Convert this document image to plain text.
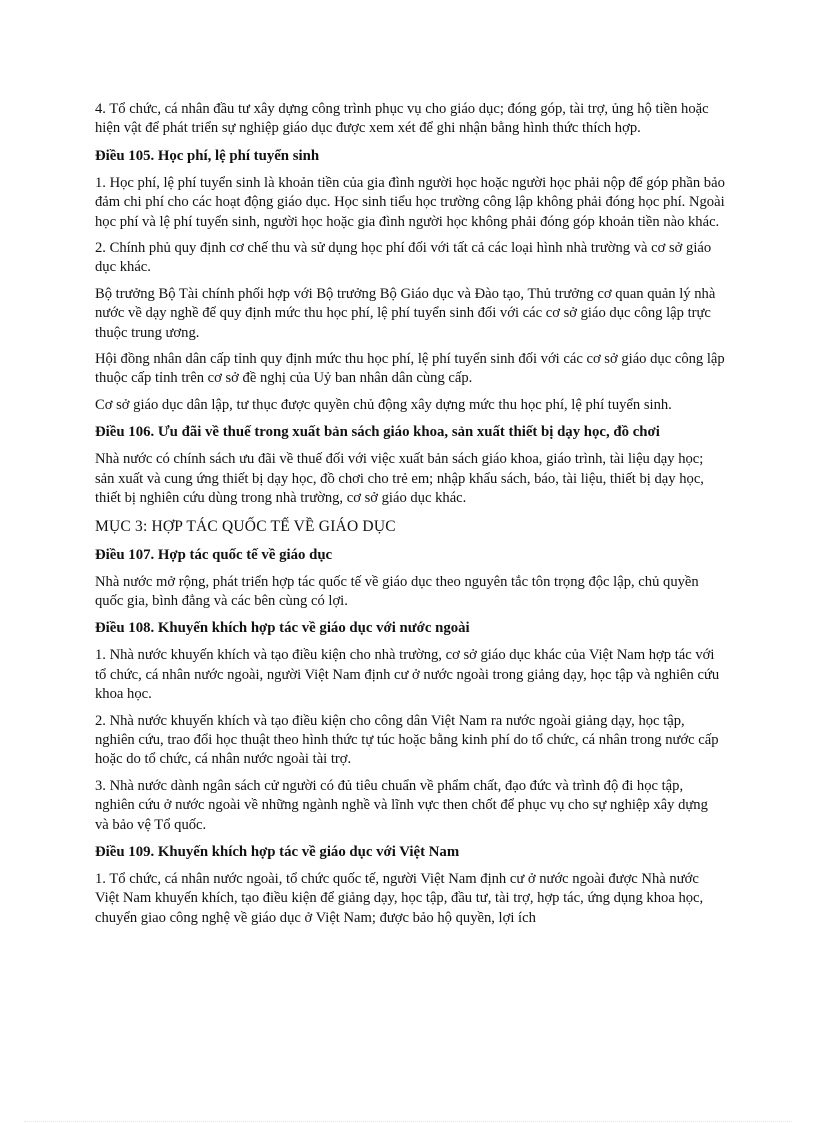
4. Tổ chức, cá nhân đầu tư xây dựng công trình phục vụ cho giáo dục; đóng góp, tài trợ, ủng hộ tiền hoặc hiện vật để phát triển sự nghiệp giáo dục được xem xét để ghi nhận bằng hình thức thích hợp.

Điều 105. Học phí, lệ phí tuyển sinh

1. Học phí, lệ phí tuyển sinh là khoản tiền của gia đình người học hoặc người học phải nộp để góp phần bảo đảm chi phí cho các hoạt động giáo dục. Học sinh tiểu học trường công lập không phải đóng học phí. Ngoài học phí và lệ phí tuyển sinh, người học hoặc gia đình người học không phải đóng góp khoản tiền nào khác.

2. Chính phủ quy định cơ chế thu và sử dụng học phí đối với tất cả các loại hình nhà trường và cơ sở giáo dục khác.

Bộ trưởng Bộ Tài chính phối hợp với Bộ trưởng Bộ Giáo dục và Đào tạo, Thủ trưởng cơ quan quản lý nhà nước về dạy nghề để quy định mức thu học phí, lệ phí tuyển sinh đối với các cơ sở giáo dục công lập trực thuộc trung ương.

Hội đồng nhân dân cấp tỉnh quy định mức thu học phí, lệ phí tuyển sinh đối với các cơ sở giáo dục công lập thuộc cấp tỉnh trên cơ sở đề nghị của Uỷ ban nhân dân cùng cấp.

Cơ sở giáo dục dân lập, tư thục được quyền chủ động xây dựng mức thu học phí, lệ phí tuyển sinh.

Điều 106. Ưu đãi về thuế trong xuất bản sách giáo khoa, sản xuất thiết bị dạy học, đồ chơi

Nhà nước có chính sách ưu đãi về thuế đối với việc xuất bản sách giáo khoa, giáo trình, tài liệu dạy học; sản xuất và cung ứng thiết bị dạy học, đồ chơi cho trẻ em; nhập khẩu sách, báo, tài liệu, thiết bị dạy học, thiết bị nghiên cứu dùng trong nhà trường, cơ sở giáo dục khác.

MỤC 3: HỢP TÁC QUỐC TẾ VỀ GIÁO DỤC
Điều 107. Hợp tác quốc tế về giáo dục

Nhà nước mở rộng, phát triển hợp tác quốc tế về giáo dục theo nguyên tắc tôn trọng độc lập, chủ quyền quốc gia, bình đẳng và các bên cùng có lợi.

Điều 108. Khuyến khích hợp tác về giáo dục với nước ngoài

1. Nhà nước khuyến khích và tạo điều kiện cho nhà trường, cơ sở giáo dục khác của Việt Nam hợp tác với tổ chức, cá nhân nước ngoài, người Việt Nam định cư ở nước ngoài trong giảng dạy, học tập và nghiên cứu khoa học.

2. Nhà nước khuyến khích và tạo điều kiện cho công dân Việt Nam ra nước ngoài giảng dạy, học tập, nghiên cứu, trao đổi học thuật theo hình thức tự túc hoặc bằng kinh phí do tổ chức, cá nhân trong nước cấp hoặc do tổ chức, cá nhân nước ngoài tài trợ.

3. Nhà nước dành ngân sách cử người có đủ tiêu chuẩn về phẩm chất, đạo đức và trình độ đi học tập, nghiên cứu ở nước ngoài về những ngành nghề và lĩnh vực then chốt để phục vụ cho sự nghiệp xây dựng và bảo vệ Tổ quốc.

Điều 109. Khuyến khích hợp tác về giáo dục với Việt Nam

1. Tổ chức, cá nhân nước ngoài, tổ chức quốc tế, người Việt Nam định cư ở nước ngoài được Nhà nước Việt Nam khuyến khích, tạo điều kiện để giảng dạy, học tập, đầu tư, tài trợ, hợp tác, ứng dụng khoa học, chuyển giao công nghệ về giáo dục ở Việt Nam; được bảo hộ quyền, lợi ích
